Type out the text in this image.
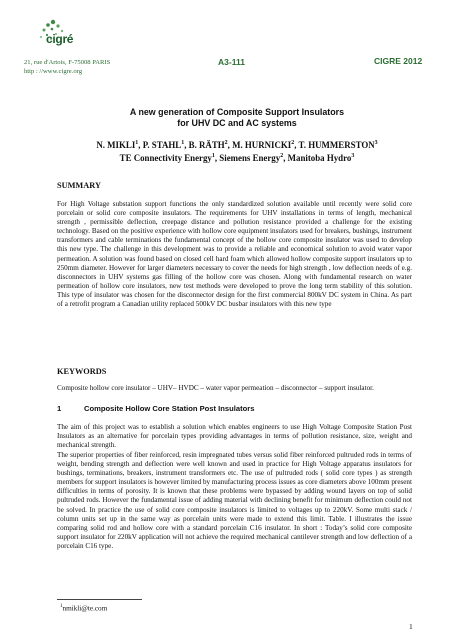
cigré
21, rue d'Artois, F-75008 PARIS
http : //www.cigre.org
A3-111	CIGRE 2012
A new generation of Composite Support Insulators
for UHV DC and AC systems
N. MIKLI$^1$, P. STAHL$^1$, B. RÄTH$^2$, M. HURNICKI$^2$, T. HUMMERSTON$^3$
TE Connectivity Energy$^1$, Siemens Energy$^2$, Manitoba Hydro$^3$
SUMMARY

For High Voltage substation support functions the only standardized solution available until recently were solid core porcelain or solid core composite insulators. The requirements for UHV installations in terms of length, mechanical strength , permissible deflection, creepage distance and pollution resistance provided a challenge for the existing technology. Based on the positive experience with hollow core equipment insulators used for breakers, bushings, instrument transformers and cable terminations the fundamental concept of the hollow core composite insulator was used to develop this new type. The challenge in this development was to provide a reliable and economical solution to avoid water vapor permeation. A solution was found based on closed cell hard foam which allowed hollow composite support insulators up to 250mm diameter. However for larger diameters necessary to cover the needs for high strength , low deflection needs of e.g. disconnectors in UHV systems gas filling of the hollow core was chosen. Along with fundamental research on water permeation of hollow core insulators, new test methods were developed to prove the long term stability of this solution. This type of insulator was chosen for the disconnector design for the first commercial 800kV DC system in China. As part of a retrofit program a Canadian utility replaced 500kV DC busbar insulators with this new type

KEYWORDS

Composite hollow core insulator – UHV– HVDC – water vapor permeation – disconnector – support insulator.

1	Composite Hollow Core Station Post Insulators

The aim of this project was to establish a solution which enables engineers to use High Voltage Composite Station Post Insulators as an alternative for porcelain types providing advantages in terms of pollution resistance, size, weight and mechanical strength.

The superior properties of fiber reinforced, resin impregnated tubes versus solid fiber reinforced pultruded rods in terms of weight, bending strength and deflection were well known and used in practice for High Voltage apparatus insulators for bushings, terminations, breakers, instrument transformers etc. The use of pultruded rods ( solid core types ) as strength members for support insulators is however limited by manufacturing process issues as core diameters above 100mm present difficulties in terms of porosity. It is known that these problems were bypassed by adding wound layers on top of solid pultruded rods. However the fundamental issue of adding material with declining benefit for minimum deflection could not be solved. In practice the use of solid core composite insulators is limited to voltages up to 220kV. Some multi stack / column units set up in the same way as porcelain units were made to extend this limit. Table. I illustrates the issue comparing solid rod and hollow core with a standard porcelain C16 insulator. In short : Today’s solid core composite support insulator for 220kV application will not achieve the required mechanical cantilever strength and low deflection of a porcelain C16 type.

$^1$nmikli@te.com
1
